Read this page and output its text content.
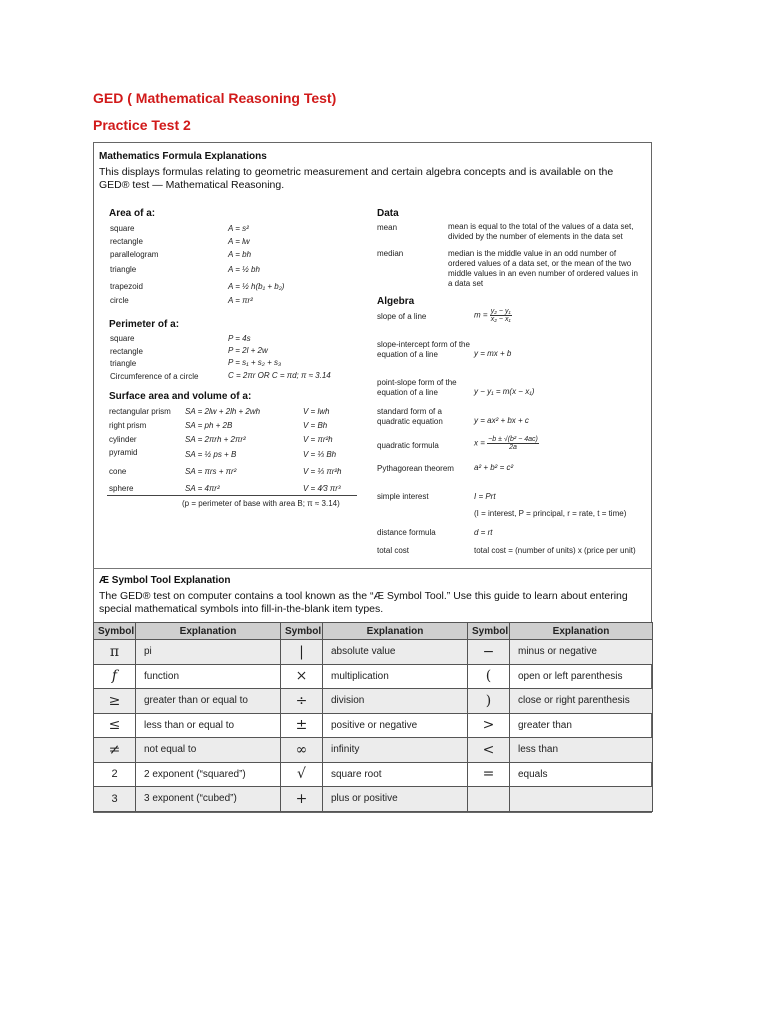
GED ( Mathematical Reasoning Test)
Practice Test 2
Mathematics Formula Explanations
This displays formulas relating to geometric measurement and certain algebra concepts and is available on the GED® test — Mathematical Reasoning.
Area of a:
square	A = s²
rectangle	A = lw
parallelogram	A = bh
triangle	A = ½ bh
trapezoid	A = ½ h(b₁ + b₂)
circle	A = πr²
Perimeter of a:
square	P = 4s
rectangle	P = 2l + 2w
triangle	P = s₁ + s₂ + s₃
Circumference of a circle	C = 2πr OR C = πd; π ≈ 3.14
Surface area and volume of a:
rectangular prism SA = 2lw + 2lh + 2wh	V = lwh
right prism	SA = ph + 2B	V = Bh
cylinder	SA = 2πrh + 2πr²	V = πr²h
pyramid	SA = ½ ps + B	V = ⅓ Bh
cone	SA = πrs + πr²	V = ⅓ πr²h
sphere	SA = 4πr²	V = 4⁄3 πr³
(p = perimeter of base with area B; π ≈ 3.14)
Data
mean	mean is equal to the total of the values of a data set, divided by the number of elements in the data set
median	median is the middle value in an odd number of ordered values of a data set, or the mean of the two middle values in an even number of ordered values in a data set
Algebra
slope of a line	$m = \frac{\text{y₂ − y₁}}{\text{x₂ − x₁}}$
slope-intercept form of the equation of a line	y = mx + b
point-slope form of the equation of a line	y − y₁ = m(x − x₁)
standard form of a quadratic equation	y = ax² + bx + c
quadratic formula	$x = \frac{\text{−b ± √(b² − 4ac)}}{2a}$
Pythagorean theorem	a² + b² = c²
simple interest	I = Prt
(I = interest, P = principal, r = rate, t = time)
distance formula	d = rt
total cost	total cost = (number of units) x (price per unit)
Æ Symbol Tool Explanation
The GED® test on computer contains a tool known as the “Æ Symbol Tool.” Use this guide to learn about entering special mathematical symbols into fill-in-the-blank item types.
Symbol	Explanation	Symbol	Explanation	Symbol	Explanation
π	pi	|	absolute value	−	minus or negative
f	function	×	multiplication	(	open or left parenthesis
≥	greater than or equal to	÷	division	)	close or right parenthesis
≤	less than or equal to	±	positive or negative	>	greater than
≠	not equal to	∞	infinity	<	less than
2	2 exponent (“squared”)	√	square root	=	equals
3	3 exponent (“cubed”)	+	plus or positive		
